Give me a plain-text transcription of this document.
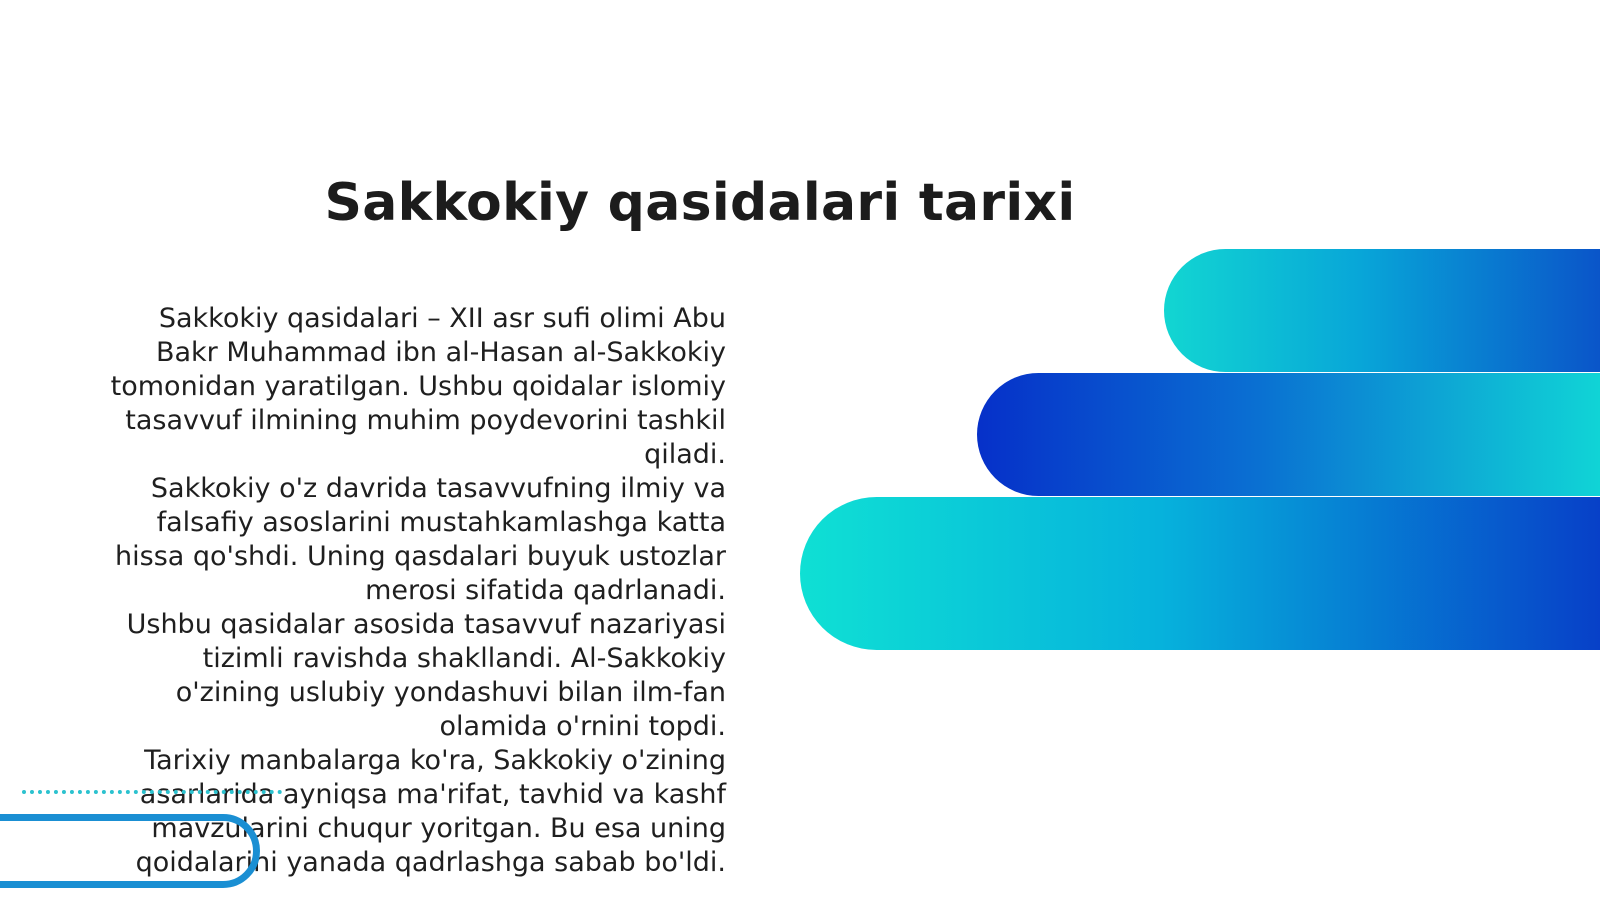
Sakkokiy qasidalari tarixi

Sakkokiy qasidalari – XII asr sufi olimi Abu Bakr Muhammad ibn al-Hasan al-Sakkokiy tomonidan yaratilgan. Ushbu qoidalar islomiy tasavvuf ilmining muhim poydevorini tashkil qiladi.

Sakkokiy o'z davrida tasavvufning ilmiy va falsafiy asoslarini mustahkamlashga katta hissa qo'shdi. Uning qasdalari buyuk ustozlar merosi sifatida qadrlanadi.

Ushbu qasidalar asosida tasavvuf nazariyasi tizimli ravishda shakllandi. Al-Sakkokiy o'zining uslubiy yondashuvi bilan ilm-fan olamida o'rnini topdi.

Tarixiy manbalarga ko'ra, Sakkokiy o'zining asarlarida ayniqsa ma'rifat, tavhid va kashf mavzularini chuqur yoritgan. Bu esa uning qoidalarini yanada qadrlashga sabab bo'ldi.
